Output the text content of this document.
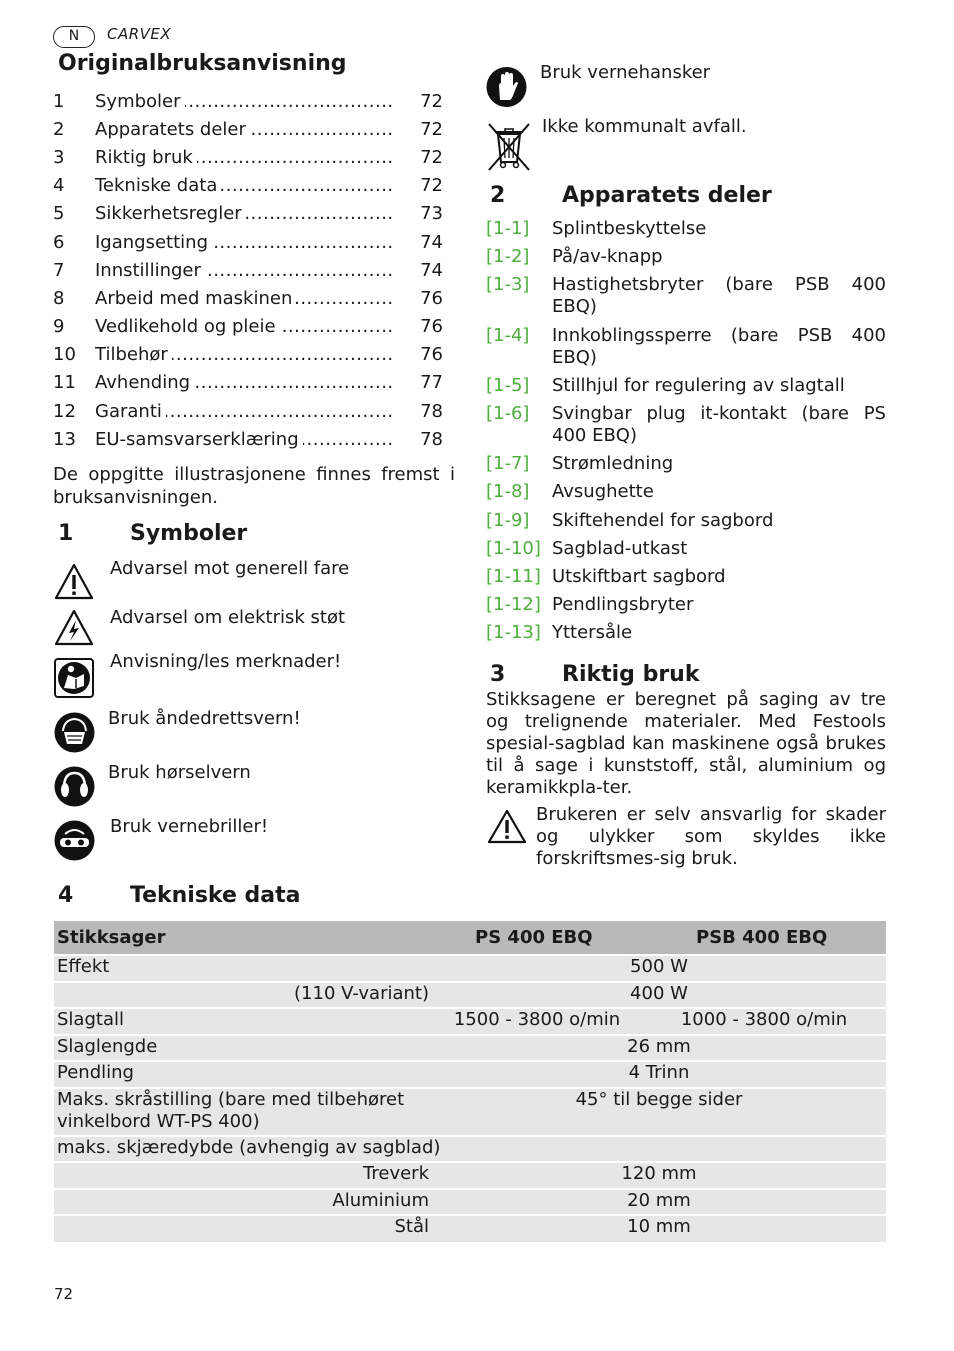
N	CARVEX
Originalbruksanvisning
1	Symboler .....	72
2	Apparatets deler .....	72
3	Riktig bruk .....	72
4	Tekniske data .....	72
5	Sikkerhetsregler .....	73
6	Igangsetting .....	74
7	Innstillinger .....	74
8	Arbeid med maskinen .....	76
9	Vedlikehold og pleie .....	76
10	Tilbehør .....	76
11	Avhending .....	77
12	Garanti .....	78
13	EU-samsvarserklæring .....	78
De oppgitte illustrasjonene finnes fremst i bruksanvisningen.
1	Symboler
Advarsel mot generell fare
Advarsel om elektrisk støt
Anvisning/les merknader!
Bruk åndedrettsvern!
Bruk hørselvern
Bruk vernebriller!
Bruk vernehansker
Ikke kommunalt avfall.
2	Apparatets deler
[1-1]	Splintbeskyttelse
[1-2]	På/av-knapp
[1-3]	Hastighetsbryter (bare PSB 400 EBQ)
[1-4]	Innkoblingssperre (bare PSB 400 EBQ)
[1-5]	Stillhjul for regulering av slagtall
[1-6]	Svingbar plug it-kontakt (bare PS 400 EBQ)
[1-7]	Strømledning
[1-8]	Avsughette
[1-9]	Skiftehendel for sagbord
[1-10] Sagblad-utkast
[1-11] Utskiftbart sagbord
[1-12] Pendlingsbryter
[1-13] Yttersåle
3	Riktig bruk
Stikksagene er beregnet på saging av tre og trelignende materialer. Med Festools spesial-sagblad kan maskinene også brukes til å sage i kunststoff, stål, aluminium og keramikkpla-ter.
Brukeren er selv ansvarlig for skader og ulykker som skyldes ikke forskriftsmes-sig bruk.
4	Tekniske data
Stikksager	PS 400 EBQ	PSB 400 EBQ
Effekt	500 W	
(110 V-variant)	400 W	
Slagtall	1500 - 3800 o/min	1000 - 3800 o/min
Slaglengde	26 mm	
Pendling	4 Trinn	
Maks. skråstilling (bare med tilbehøret vinkelbord WT-PS 400)	45° til begge sider	
maks. skjæredybde (avhengig av sagblad)		
Treverk	120 mm	
Aluminium	20 mm	
Stål	10 mm	
72
